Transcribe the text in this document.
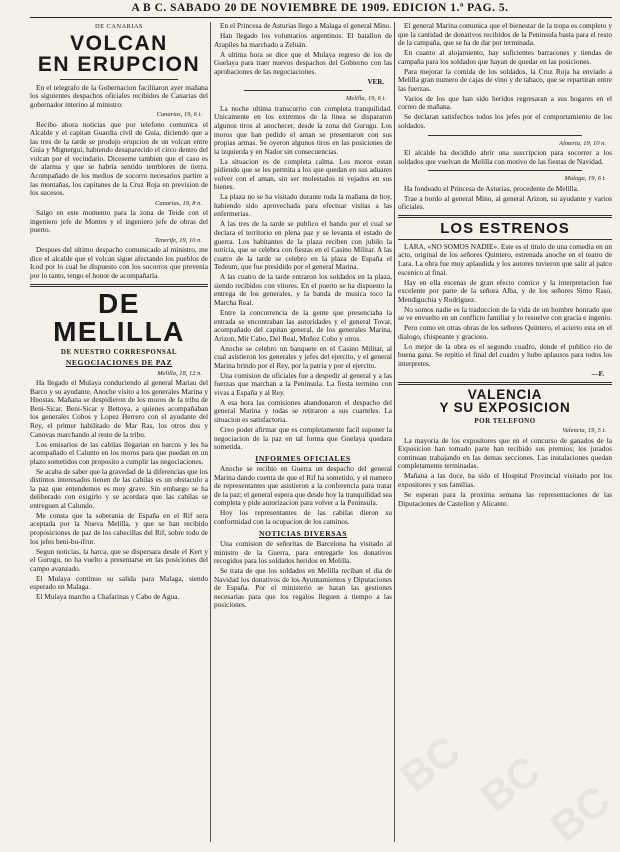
A B C. SABADO 20 DE NOVIEMBRE DE 1909. EDICION 1.ª PAG. 5.
DE CANARIAS
VOLCAN
EN ERUPCION

En el telegrafo de la Gobernacion facilitaron ayer mañana los siguientes despachos oficiales recibidos de Canarias del gobernador interino al ministro:

Canarias, 19, 6 t.

Recibo ahora noticias que por telefono comunica el Alcalde y el capitan Guardia civil de Guia, diciendo que a las tres de la tarde se produjo erupcion de un volcan entre Guia y Mignergui, habiendo desaparecido el circo dentro del volcan por el vecindario. Diceseme tambien que el caso es de alarma y que se habria sentido temblores de tierra. Acompañado de los medios de socorro necesarios partire a las montañas, los capitanes de la Cruz Roja en prevision de los sucesos.

Canarias, 19, 8 n.

Salgo en este momento para la zona de Teide con el ingeniero jefe de Montes y el ingeniero jefe de obras del puerto.

Tenerife, 19, 10 n.

Despues del ultimo despacho comunicado al ministro, me dice el alcalde que el volcan sigue afectando los pueblos de Icod por lo cual he dispuesto con los socorros que prevenia por lo tanto, tengo el honor de acompañarla.

DE MELILLA
DE NUESTRO CORRESPONSAL
NEGOCIACIONES DE PAZ
Melilla, 18, 12 n.

Ha llegado el Mulaya conduciendo al general Mariau del Barco y su ayudante. Anoche visito a los generales Marina y Hnostas. Mañana se despidieron de los moros de la tribu de Beni-Sicar, Beni-Sicar y Bettoya, a quienes acompañaban los generales Cobos y Lopez Herrero con el ayudante del Rey, el primer habilitado de Mar Ras, los otros dos y Canovas marchando al resto de la tribu.

Los emisarios de las cabilas llegarian en barcos y les ha acompañado el Calunto en los moros para que puedan en un plazo sometidos con proposito a cumplir las negociaciones.

Se acaba de saber que la gravedad de la diferencias que los distintos interesados tienen de las cabilas es un obstaculo a la paz que entendemos es muy grave. Sin embargo se ha deliberado con exigirlo y se acordara que las cabilas se entreguen al Calundo.

Me consta que la soberania de España en el Rif sera aceptada por la Nueva Melilla, y que se han recibido proposiciones de paz de los cabecillas del Rif, sobre todo de los jefes beni-bu-ifrur.

Segun noticias, la harca, que se dispersara desde el Kert y el Gurugu, no ha vuelto a presentarse en las posiciones del campo avanzado.

El Mulaya continuo su salida para Malaga, siendo esperado en Malaga.

El Mulaya marcho a Chafarinas y Cabo de Agua.

En el Princesa de Asturias llego a Malaga el general Mino.

Han llegado los voluntarios argentinos. El batallon de Arapiles ha marchado a Zeluán.

A ultima hora se dice que el Mulaya regreso de los de Guelaya para traer nuevos despachos del Gobierno con las aprobaciones de las negociaciones.

VER.
Melilla, 19, 6 t.

La noche ultima transcurrio con completa tranquilidad. Unicamente en los extremos de la linea se dispararon algunos tiros al anochecer, desde la zona del Gurugu. Los moros que han pedido el aman se presentaron con sus propias armas. Se oyeron algunos tiros en las posiciones de la izquierda y en Nador sin consecuencias.

La situacion es de completa calma. Los moros estan pidiendo que se les permita a los que quedan en sus aduares volver con el aman, sin ser molestados ni vejados en sus bienes.

La plaza no se ha visitado durante toda la mañana de hoy, habiendo sido aprovechada para efectuar visitas a las enfermerias.

A las tres de la tarde se publico el bando por el cual se declara el territorio en plena paz y se levanta el estado de guerra. Los habitantes de la plaza reciben con jubilo la noticia, que se celebra con fiestas en el Casino Militar. A las cuatro de la tarde se celebro en la plaza de España el Tedeum, que fue presidido por el general Marina.

A las cuatro de la tarde entraron los soldados en la plaza, siendo recibidos con vitores. En el puerto se ha dispuesto la entrega de los generales, y la banda de musica toco la Marcha Real.

Entre la concurrencia de la gente que presenciaba la entrada se encontraban las autoridades y el general Tovar, acompañado del capitan general, de los generales Marina, Arizon, Mir Cabo, Del Real, Muñoz Cobo y otros.

Anoche se celebro un banquete en el Casino Militar, al cual asistieron los generales y jefes del ejercito, y el general Marina brindo por el Rey, por la patria y por el ejercito.

Una comision de oficiales fue a despedir al general y a las fuerzas que marchan a la Peninsula. La fiesta termino con vivas a España y al Rey.

A esa hora las comisiones abandonaron el despacho del general Marina y todas se retiraron a sus cuarteles. La situacion es satisfactoria.

Creo poder afirmar que es completamente facil suponer la negociacion de la paz en tal forma que Guelaya quedara sometida.

INFORMES OFICIALES

Anoche se recibio en Guerra un despacho del general Marina dando cuenta de que el Rif ha sometido, y el numero de representantes que asistieron a la conferencia para tratar de la paz; el general espera que desde hoy la tranquilidad sea completa y pide autorizacion para volver a la Peninsula.

Hoy los representantes de las cabilas dieron su conformidad con la ocupacion de los caminos.

NOTICIAS DIVERSAS

Una comision de señoritas de Barcelona ha visitado al ministro de la Guerra, para entregarle los donativos recogidos para los soldados heridos en Melilla.

Se trata de que los soldados en Melilla reciban el dia de Navidad los donativos de los Ayuntamientos y Diputaciones de España. Por el ministerio se haran las gestiones necesarias para que los regalos lleguen a tiempo a las posiciones.

El general Marina comunica que el bienestar de la tropa es completo y que la cantidad de donativos recibidos de la Peninsula basta para el resto de la campaña, que se ha de dar por terminada.

En cuanto al alojamiento, hay suficientes barracones y tiendas de campaña para los soldados que hayan de quedar en las posiciones.

Para mejorar la comida de los soldados, la Cruz Roja ha enviado a Melilla gran numero de cajas de vino y de tabaco, que se repartiran entre las fuerzas.

Varios de los que han sido heridos regresaran a sus hogares en el correo de mañana.

Se declaran satisfechos todos los jefes por el comportamiento de los soldados.

Almeria, 19, 10 n.

El alcalde ha decidido abrir una suscripcion para socorrer a los soldados que vuelvan de Melilla con motivo de las fiestas de Navidad.

Malaga, 19, 6 t.

Ha fondeado el Princesa de Asturias, procedente de Melilla.

Trae a bordo al general Mino, al general Arizon, su ayudante y varios oficiales.

LOS ESTRENOS

LARA, «NO SOMOS NADIE». Este es el titulo de una comedia en un acto, original de los señores Quintero, estrenada anoche en el teatro de Lara. La obra fue muy aplaudida y los autores tuvieron que salir al palco escenico al final.

Hay en ella escenas de gran efecto comico y la interpretacion fue excelente por parte de la señora Alba, y de los señores Simo Raso, Mendiguchia y Rodriguez.

No somos nadie es la traduccion de la vida de un hombre honrado que se ve envuelto en un conflicto familiar y lo resuelve con gracia e ingenio.

Pero como en otras obras de los señores Quintero, el acierto esta en el dialogo, chispeante y gracioso.

Lo mejor de la obra es el segundo cuadro, donde el publico rio de buena gana. Se repitio el final del cuadro y hubo aplausos para todos los interpretes.

—F.
VALENCIA
Y SU EXPOSICION
POR TELEFONO
Valencia, 19, 5 t.

La mayoria de los expositores que en el concurso de ganados de la Exposicion han tomado parte han recibido sus premios; los jurados continuan trabajando en las demas secciones. Las instalaciones quedan completamente terminadas.

Mañana a las doce, ha sido el Hospital Provincial visitado por los expositores y sus familias.

Se esperan para la proxima semana las representaciones de las Diputaciones de Castellon y Alicante.

BC BC
BC
